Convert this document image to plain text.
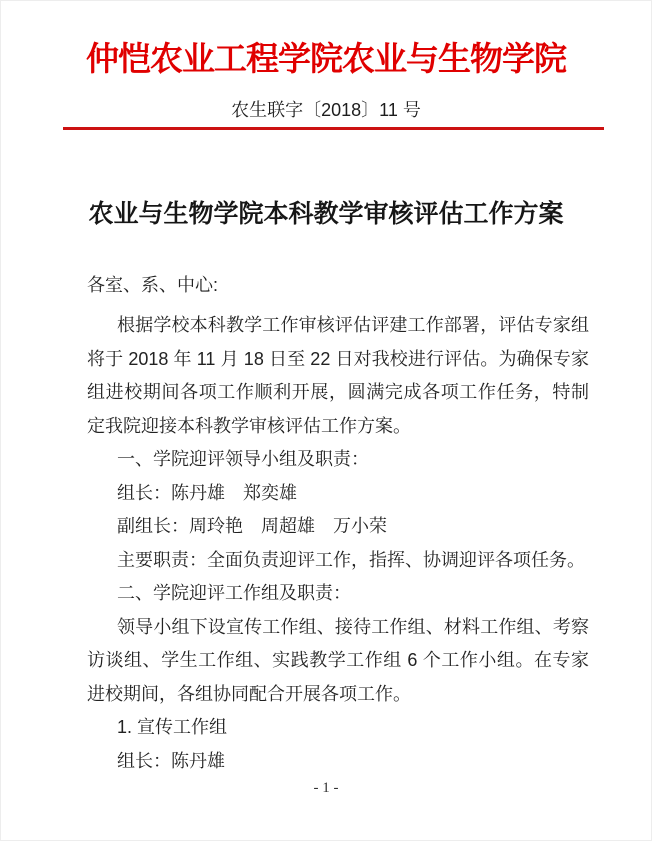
仲恺农业工程学院农业与生物学院
农生联字〔2018〕11 号
农业与生物学院本科教学审核评估工作方案

各室、系、中心:

根据学校本科教学工作审核评估评建工作部署，评估专家组将于 2018 年 11 月 18 日至 22 日对我校进行评估。为确保专家组进校期间各项工作顺利开展，圆满完成各项工作任务，特制定我院迎接本科教学审核评估工作方案。

一、学院迎评领导小组及职责：

组长：陈丹雄　郑奕雄

副组长：周玲艳　周超雄　万小荣

主要职责：全面负责迎评工作，指挥、协调迎评各项任务。

二、学院迎评工作组及职责：

领导小组下设宣传工作组、接待工作组、材料工作组、考察访谈组、学生工作组、实践教学工作组 6 个工作小组。在专家进校期间，各组协同配合开展各项工作。

1. 宣传工作组

组长：陈丹雄

- 1 -
